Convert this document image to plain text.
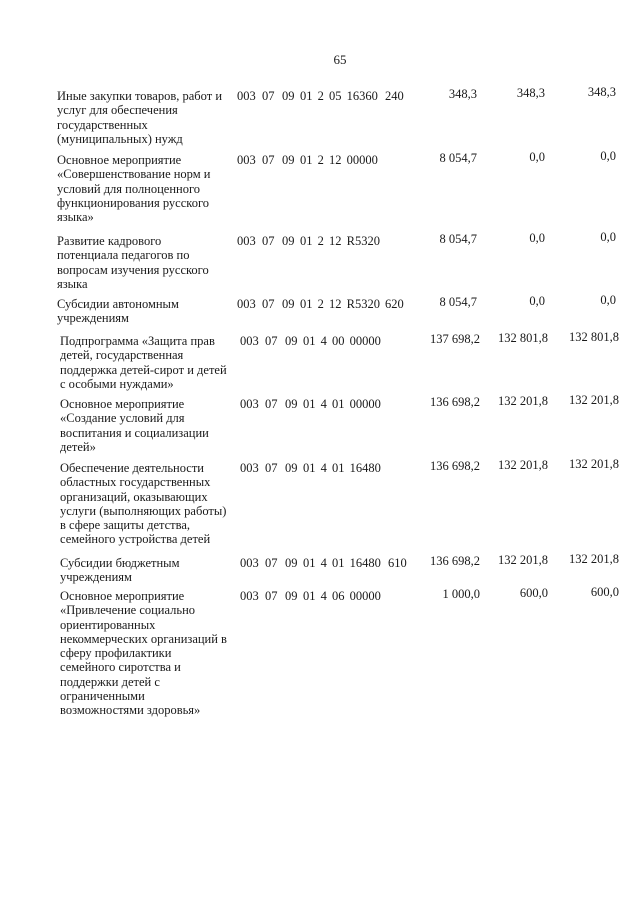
65
Иные закупки товаров, работ и
услуг для обеспечения
государственных
(муниципальных) нужд
003 07 09 01 2 05 16360 240	348,3	348,3	348,3
Основное мероприятие
«Совершенствование норм и
условий для полноценного
функционирования русского
языка»
003 07 09 01 2 12 00000	8 054,7	0,0	0,0
Развитие кадрового
потенциала педагогов по
вопросам изучения русского
языка
003 07 09 01 2 12 R5320	8 054,7	0,0	0,0
Субсидии автономным
учреждениям
003 07 09 01 2 12 R5320 620	8 054,7	0,0	0,0
Подпрограмма «Защита прав
детей, государственная
поддержка детей-сирот и детей
с особыми нуждами»
003 07 09 01 4 00 00000	137 698,2	132 801,8	132 801,8
Основное мероприятие
«Создание условий для
воспитания и социализации
детей»
003 07 09 01 4 01 00000	136 698,2	132 201,8	132 201,8
Обеспечение деятельности
областных государственных
организаций, оказывающих
услуги (выполняющих работы)
в сфере защиты детства,
семейного устройства детей
003 07 09 01 4 01 16480	136 698,2	132 201,8	132 201,8
Субсидии бюджетным
учреждениям
003 07 09 01 4 01 16480 610	136 698,2	132 201,8	132 201,8
Основное мероприятие
«Привлечение социально
ориентированных
некоммерческих организаций в
сферу профилактики
семейного сиротства и
поддержки детей с
ограниченными
возможностями здоровья»
003 07 09 01 4 06 00000	1 000,0	600,0	600,0
